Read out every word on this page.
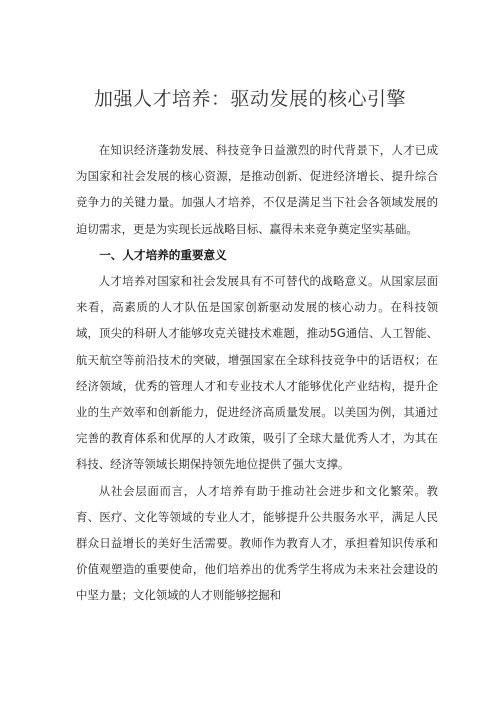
加强人才培养：驱动发展的核心引擎

在知识经济蓬勃发展、科技竞争日益激烈的时代背景下，人才已成为国家和社会发展的核心资源，是推动创新、促进经济增长、提升综合竞争力的关键力量。加强人才培养，不仅是满足当下社会各领域发展的迫切需求，更是为实现长远战略目标、赢得未来竞争奠定坚实基础。

一、人才培养的重要意义

人才培养对国家和社会发展具有不可替代的战略意义。从国家层面来看，高素质的人才队伍是国家创新驱动发展的核心动力。在科技领域，顶尖的科研人才能够攻克关键技术难题，推动5G通信、人工智能、航天航空等前沿技术的突破，增强国家在全球科技竞争中的话语权；在经济领域，优秀的管理人才和专业技术人才能够优化产业结构，提升企业的生产效率和创新能力，促进经济高质量发展。以美国为例，其通过完善的教育体系和优厚的人才政策，吸引了全球大量优秀人才，为其在科技、经济等领域长期保持领先地位提供了强大支撑。

从社会层面而言，人才培养有助于推动社会进步和文化繁荣。教育、医疗、文化等领域的专业人才，能够提升公共服务水平，满足人民群众日益增长的美好生活需要。教师作为教育人才，承担着知识传承和价值观塑造的重要使命，他们培养出的优秀学生将成为未来社会建设的中坚力量；文化领域的人才则能够挖掘和
